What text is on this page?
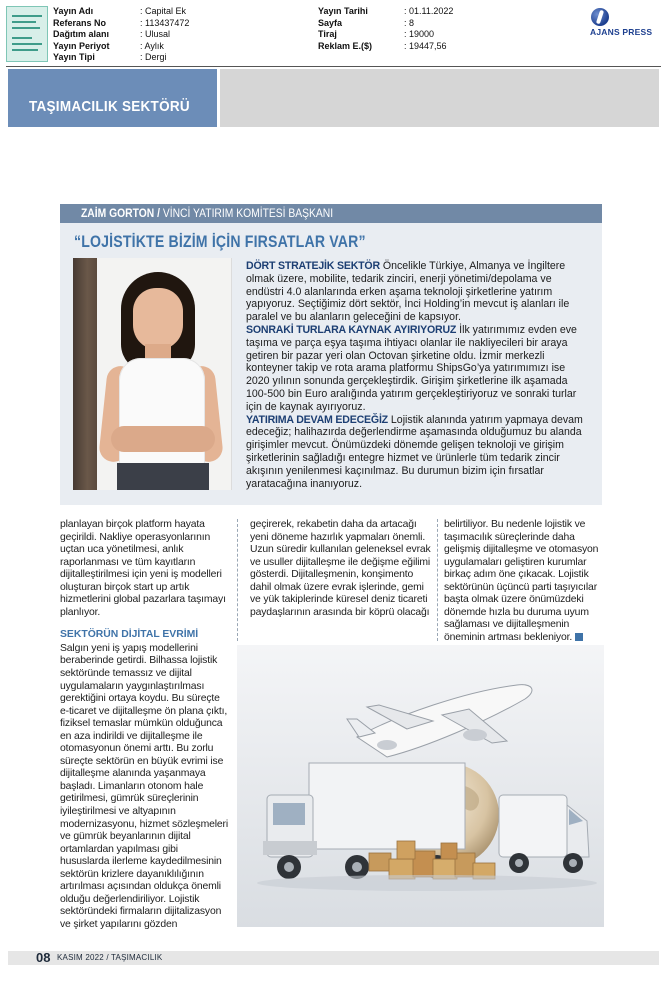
Yayın Adı	: Capital Ek
Referans No	: 113437472
Dağıtım alanı	: Ulusal
Yayın Periyot	: Aylık
Yayın Tipi	: Dergi
Yayın Tarihi	: 01.11.2022
Sayfa	: 8
Tiraj	: 19000
Reklam E.($)	: 19447,56
AJANS PRESS
TAŞIMACILIK SEKTÖRÜ
ZAİM GORTON / VİNCİ YATIRIM KOMİTESİ BAŞKANI
“LOJİSTİKTE BİZİM İÇİN FIRSATLAR VAR”

DÖRT STRATEJİK SEKTÖR Öncelikle Türkiye, Almanya ve İngiltere olmak üzere, mobilite, tedarik zinciri, enerji yönetimi/depolama ve endüstri 4.0 alanlarında erken aşama teknoloji şirketlerine yatırım yapıyoruz. Seçtiğimiz dört sektör, İnci Holding’in mevcut iş alanları ile paralel ve bu alanların geleceğini de kapsıyor.

SONRAKİ TURLARA KAYNAK AYIRIYORUZ İlk yatırımımız evden eve taşıma ve parça eşya taşıma ihtiyacı olanlar ile nakliyecileri bir araya getiren bir pazar yeri olan Octovan şirketine oldu. İzmir merkezli konteyner takip ve rota arama platformu ShipsGo’ya yatırımımızı ise 2020 yılının sonunda gerçekleştirdik. Girişim şirketlerine ilk aşamada 100-500 bin Euro aralığında yatırım gerçekleştiriyoruz ve sonraki turlar için de kaynak ayırıyoruz.

YATIRIMA DEVAM EDECEĞİZ Lojistik alanında yatırım yapmaya devam edeceğiz; halihazırda değerlendirme aşamasında olduğumuz bu alanda girişimler mevcut. Önümüzdeki dönemde gelişen teknoloji ve girişim şirketlerinin sağladığı entegre hizmet ve ürünlerle tüm tedarik zincir akışının yenilenmesi kaçınılmaz. Bu durumun bizim için fırsatlar yaratacağına inanıyoruz.

planlayan birçok platform hayata geçirildi. Nakliye operasyonlarının uçtan uca yönetilmesi, anlık raporlanması ve tüm kayıtların dijitalleştirilmesi için yeni iş modelleri oluşturan birçok start up artık hizmetlerini global pazarlara taşımayı planlıyor.

SEKTÖRÜN DİJİTAL EVRİMİ

Salgın yeni iş yapış modellerini beraberinde getirdi. Bilhassa lojistik sektöründe temassız ve dijital uygulamaların yaygınlaştırılması gerektiğini ortaya koydu. Bu süreçte e-ticaret ve dijitalleşme ön plana çıktı, fiziksel temaslar mümkün olduğunca en aza indirildi ve dijitalleşme ile otomasyonun önemi arttı. Bu zorlu süreçte sektörün en büyük evrimi ise dijitalleşme alanında yaşanmaya başladı. Limanların otonom hale getirilmesi, gümrük süreçlerinin iyileştirilmesi ve altyapının modernizasyonu, hizmet sözleşmeleri ve gümrük beyanlarının dijital ortamlardan yapılması gibi hususlarda ilerleme kaydedilmesinin sektörün krizlere dayanıklılığının artırılması açısından oldukça önemli olduğu değerlendiriliyor. Lojistik sektöründeki firmaların dijitalizasyon ve şirket yapılarını gözden

geçirerek, rekabetin daha da artacağı yeni döneme hazırlık yapmaları önemli. Uzun süredir kullanılan geleneksel evrak ve usuller dijitalleşme ile değişme eğilimi gösterdi. Dijitalleşmenin, konşimento dahil olmak üzere evrak işlerinde, gemi ve yük takiplerinde küresel deniz ticareti paydaşlarının arasında bir köprü olacağı

belirtiliyor. Bu nedenle lojistik ve taşımacılık süreçlerinde daha gelişmiş dijitalleşme ve otomasyon uygulamaları geliştiren kurumlar birkaç adım öne çıkacak. Lojistik sektörünün üçüncü parti taşıyıcılar başta olmak üzere önümüzdeki dönemde hızla bu duruma uyum sağlaması ve dijitalleşmenin öneminin artması bekleniyor.

08 KASIM 2022 / TAŞIMACILIK
